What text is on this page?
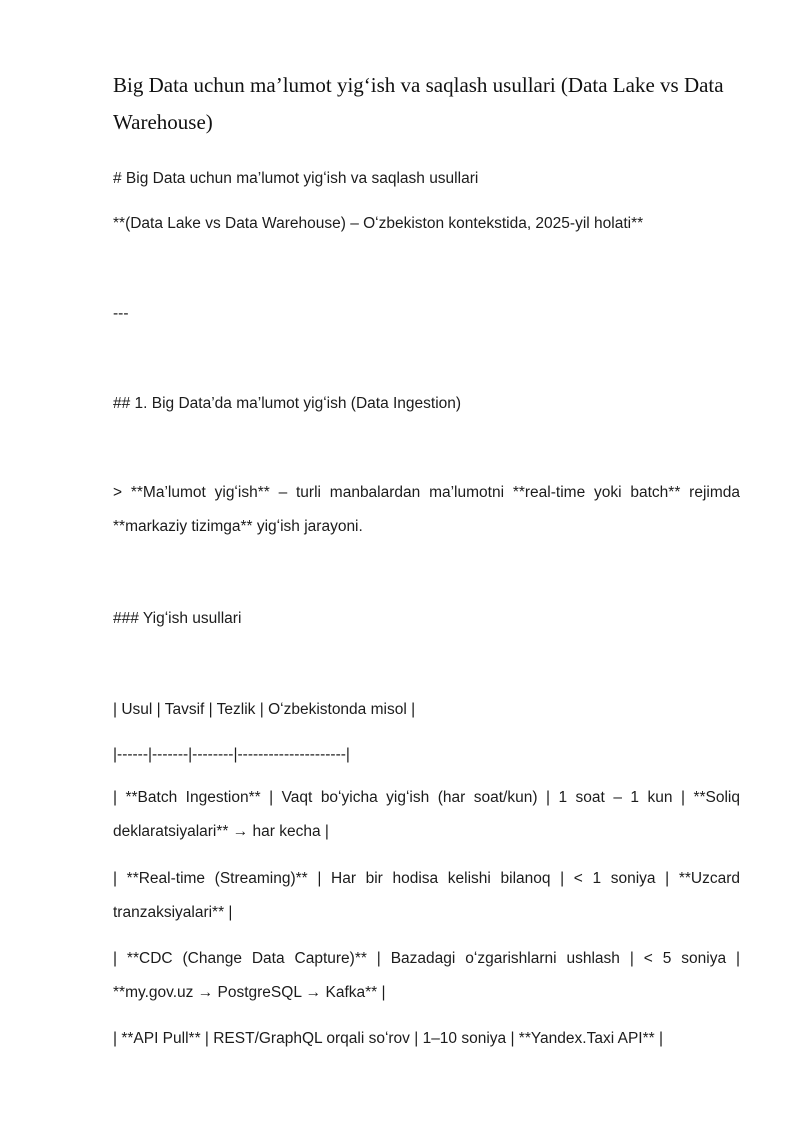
Big Data uchun ma’lumot yigʻish va saqlash usullari (Data Lake vs Data Warehouse)
# Big Data uchun ma’lumot yigʻish va saqlash usullari
**(Data Lake vs Data Warehouse) – Oʻzbekiston kontekstida, 2025-yil holati**
---
## 1. Big Data’da ma’lumot yigʻish (Data Ingestion)
> **Ma’lumot yigʻish** – turli manbalardan ma’lumotni **real-time yoki batch** rejimda **markaziy tizimga** yigʻish jarayoni.
### Yigʻish usullari
| Usul | Tavsif | Tezlik | Oʻzbekistonda misol |
|------|-------|--------|---------------------|
| **Batch Ingestion** | Vaqt boʻyicha yigʻish (har soat/kun) | 1 soat – 1 kun | **Soliq deklaratsiyalari** → har kecha |
| **Real-time (Streaming)** | Har bir hodisa kelishi bilanoq | < 1 soniya | **Uzcard tranzaksiyalari** |
| **CDC (Change Data Capture)** | Bazadagi oʻzgarishlarni ushlash | < 5 soniya | **my.gov.uz → PostgreSQL → Kafka** |
| **API Pull** | REST/GraphQL orqali soʻrov | 1–10 soniya | **Yandex.Taxi API** |
